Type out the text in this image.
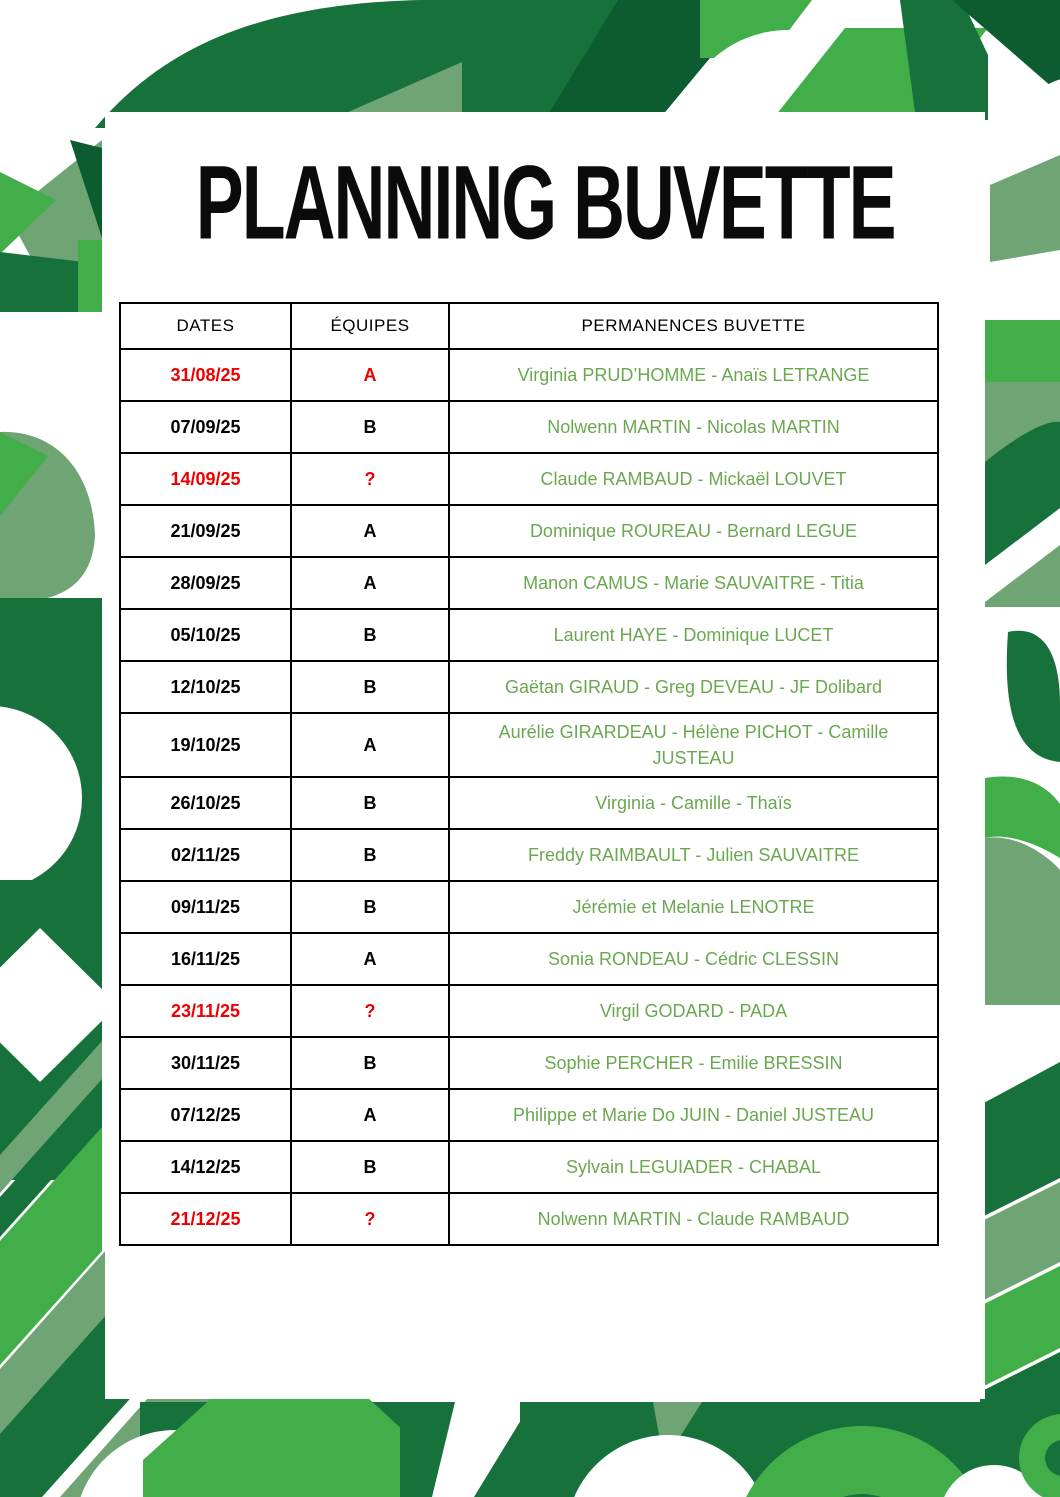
PLANNING BUVETTE
DATES	ÉQUIPES	PERMANENCES BUVETTE
31/08/25	A	Virginia PRUD’HOMME - Anaïs LETRANGE
07/09/25	B	Nolwenn MARTIN - Nicolas MARTIN
14/09/25	?	Claude RAMBAUD - Mickaël LOUVET
21/09/25	A	Dominique ROUREAU - Bernard LEGUE
28/09/25	A	Manon CAMUS - Marie SAUVAITRE - Titia
05/10/25	B	Laurent HAYE - Dominique LUCET
12/10/25	B	Gaëtan GIRAUD - Greg DEVEAU - JF Dolibard
19/10/25	A	Aurélie GIRARDEAU - Hélène PICHOT - Camille JUSTEAU
26/10/25	B	Virginia - Camille - Thaïs
02/11/25	B	Freddy RAIMBAULT - Julien SAUVAITRE
09/11/25	B	Jérémie et Melanie LENOTRE
16/11/25	A	Sonia RONDEAU - Cédric CLESSIN
23/11/25	?	Virgil GODARD - PADA
30/11/25	B	Sophie PERCHER - Emilie BRESSIN
07/12/25	A	Philippe et Marie Do JUIN - Daniel JUSTEAU
14/12/25	B	Sylvain LEGUIADER - CHABAL
21/12/25	?	Nolwenn MARTIN - Claude RAMBAUD
